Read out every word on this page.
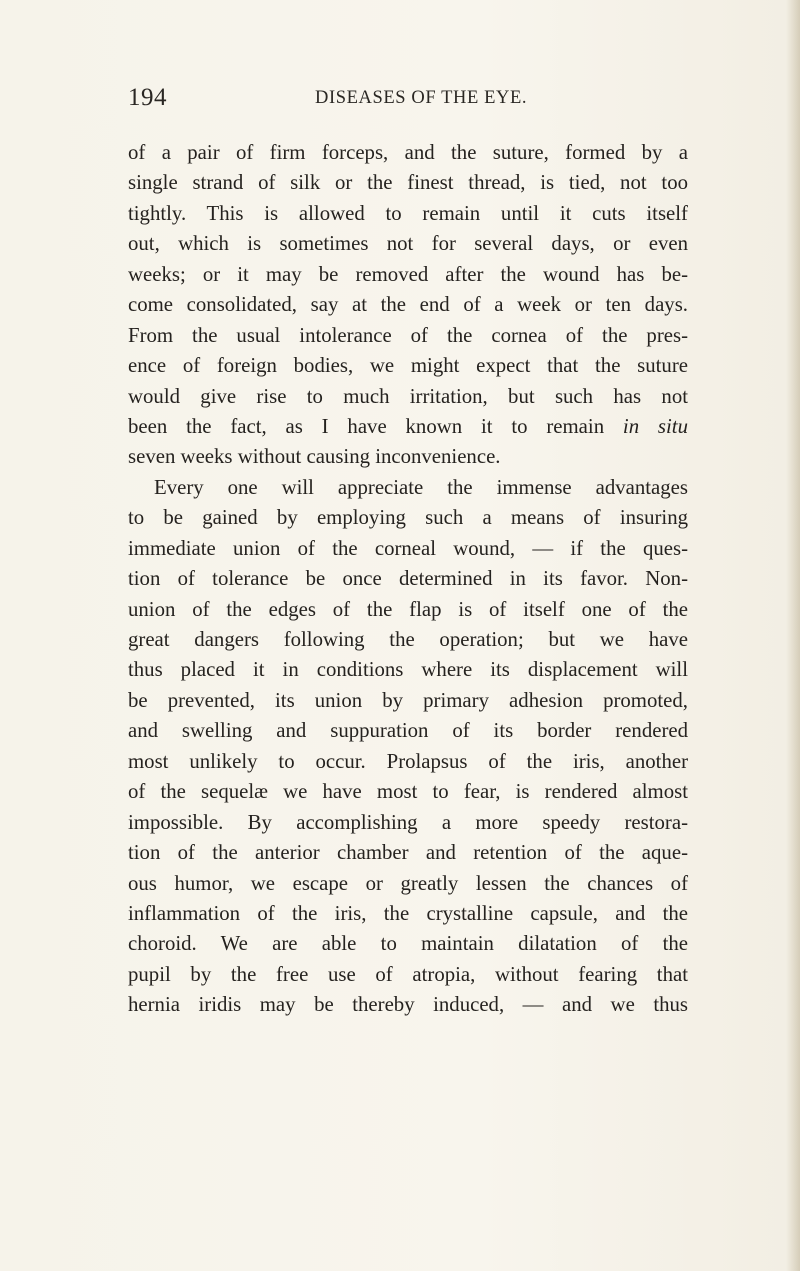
194	DISEASES OF THE EYE.
of a pair of firm forceps, and the suture, formed by a
single strand of silk or the finest thread, is tied, not too
tightly. This is allowed to remain until it cuts itself
out, which is sometimes not for several days, or even
weeks; or it may be removed after the wound has be-
come consolidated, say at the end of a week or ten days.
From the usual intolerance of the cornea of the pres-
ence of foreign bodies, we might expect that the suture
would give rise to much irritation, but such has not
been the fact, as I have known it to remain in situ
seven weeks without causing inconvenience.
Every one will appreciate the immense advantages
to be gained by employing such a means of insuring
immediate union of the corneal wound, — if the ques-
tion of tolerance be once determined in its favor. Non-
union of the edges of the flap is of itself one of the
great dangers following the operation; but we have
thus placed it in conditions where its displacement will
be prevented, its union by primary adhesion promoted,
and swelling and suppuration of its border rendered
most unlikely to occur. Prolapsus of the iris, another
of the sequelæ we have most to fear, is rendered almost
impossible. By accomplishing a more speedy restora-
tion of the anterior chamber and retention of the aque-
ous humor, we escape or greatly lessen the chances of
inflammation of the iris, the crystalline capsule, and the
choroid. We are able to maintain dilatation of the
pupil by the free use of atropia, without fearing that
hernia iridis may be thereby induced, — and we thus
